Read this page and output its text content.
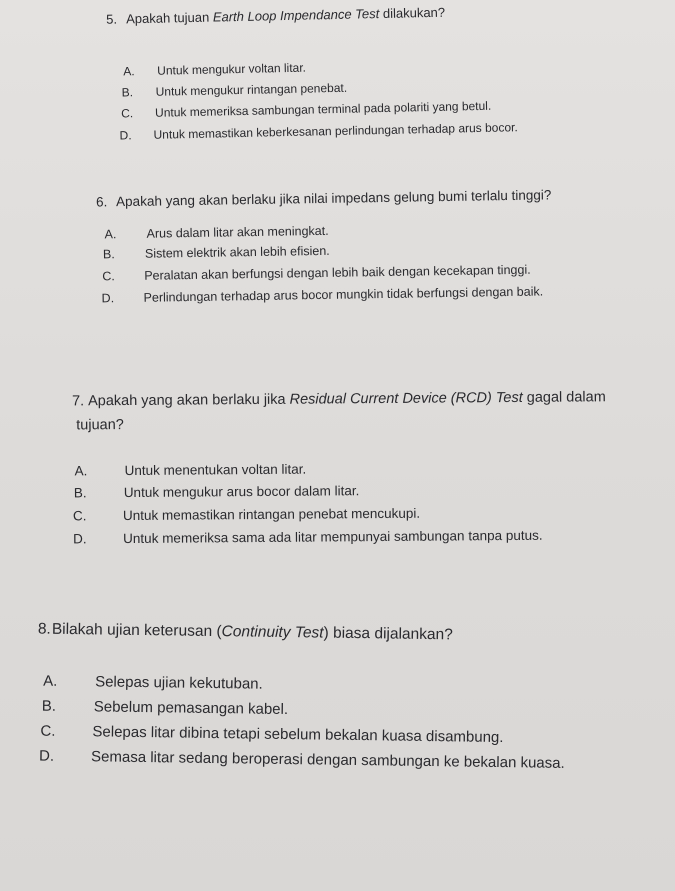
5. Apakah tujuan Earth Loop Impendance Test dilakukan?
A. Untuk mengukur voltan litar.
B. Untuk mengukur rintangan penebat.
C. Untuk memeriksa sambungan terminal pada polariti yang betul.
D. Untuk memastikan keberkesanan perlindungan terhadap arus bocor.
6. Apakah yang akan berlaku jika nilai impedans gelung bumi terlalu tinggi?
A. Arus dalam litar akan meningkat.
B. Sistem elektrik akan lebih efisien.
C. Peralatan akan berfungsi dengan lebih baik dengan kecekapan tinggi.
D. Perlindungan terhadap arus bocor mungkin tidak berfungsi dengan baik.
7. Apakah yang akan berlaku jika Residual Current Device (RCD) Test gagal dalam
tujuan?
A.	Untuk menentukan voltan litar.
B.	Untuk mengukur arus bocor dalam litar.
C.	Untuk memastikan rintangan penebat mencukupi.
D.	Untuk memeriksa sama ada litar mempunyai sambungan tanpa putus.
8.Bilakah ujian keterusan (Continuity Test) biasa dijalankan?
A.	Selepas ujian kekutuban.
B.	Sebelum pemasangan kabel.
C. Selepas litar dibina tetapi sebelum bekalan kuasa disambung.
D. Semasa litar sedang beroperasi dengan sambungan ke bekalan kuasa.
